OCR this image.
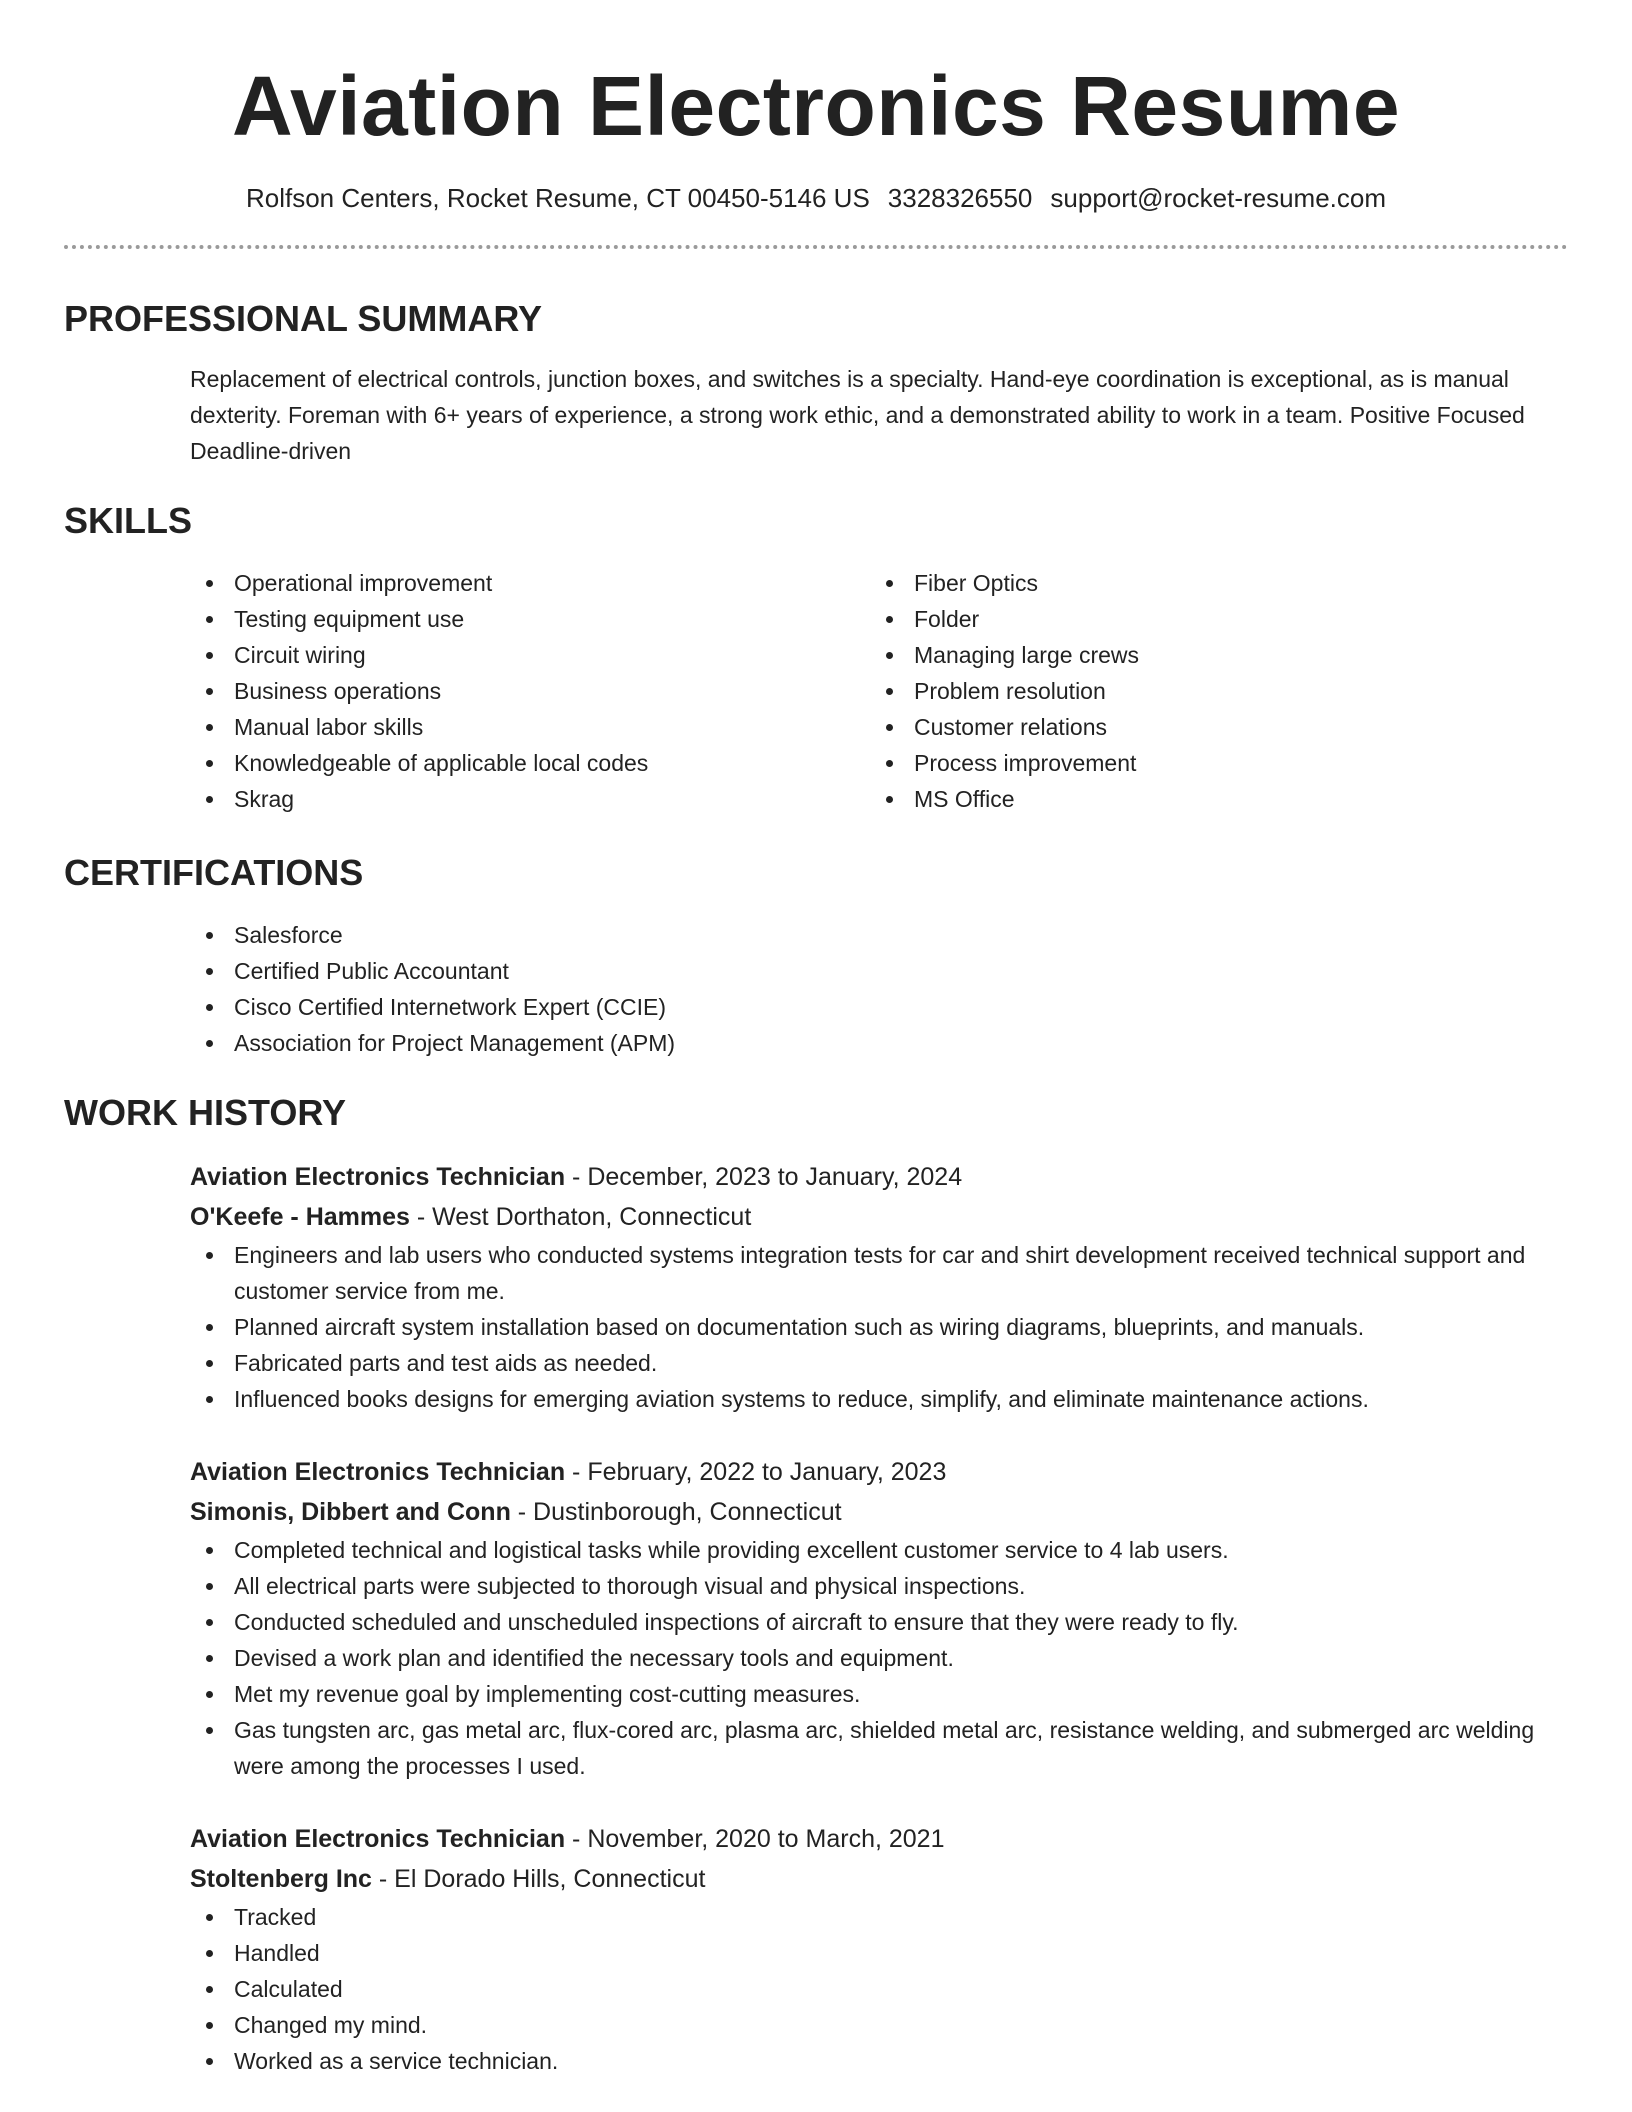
Aviation Electronics Resume
Rolfson Centers, Rocket Resume, CT 00450-5146 US 3328326550 support@rocket-resume.com
PROFESSIONAL SUMMARY
Replacement of electrical controls, junction boxes, and switches is a specialty. Hand-eye coordination is exceptional, as is manual dexterity. Foreman with 6+ years of experience, a strong work ethic, and a demonstrated ability to work in a team. Positive Focused Deadline-driven
SKILLS
Operational improvement
Testing equipment use
Circuit wiring
Business operations
Manual labor skills
Knowledgeable of applicable local codes
Skrag
Fiber Optics
Folder
Managing large crews
Problem resolution
Customer relations
Process improvement
MS Office
CERTIFICATIONS
Salesforce
Certified Public Accountant
Cisco Certified Internetwork Expert (CCIE)
Association for Project Management (APM)
WORK HISTORY
Aviation Electronics Technician - December, 2023 to January, 2024
O'Keefe - Hammes - West Dorthaton, Connecticut
Engineers and lab users who conducted systems integration tests for car and shirt development received technical support and customer service from me.
Planned aircraft system installation based on documentation such as wiring diagrams, blueprints, and manuals.
Fabricated parts and test aids as needed.
Influenced books designs for emerging aviation systems to reduce, simplify, and eliminate maintenance actions.
Aviation Electronics Technician - February, 2022 to January, 2023
Simonis, Dibbert and Conn - Dustinborough, Connecticut
Completed technical and logistical tasks while providing excellent customer service to 4 lab users.
All electrical parts were subjected to thorough visual and physical inspections.
Conducted scheduled and unscheduled inspections of aircraft to ensure that they were ready to fly.
Devised a work plan and identified the necessary tools and equipment.
Met my revenue goal by implementing cost-cutting measures.
Gas tungsten arc, gas metal arc, flux-cored arc, plasma arc, shielded metal arc, resistance welding, and submerged arc welding were among the processes I used.
Aviation Electronics Technician - November, 2020 to March, 2021
Stoltenberg Inc - El Dorado Hills, Connecticut
Tracked
Handled
Calculated
Changed my mind.
Worked as a service technician.
